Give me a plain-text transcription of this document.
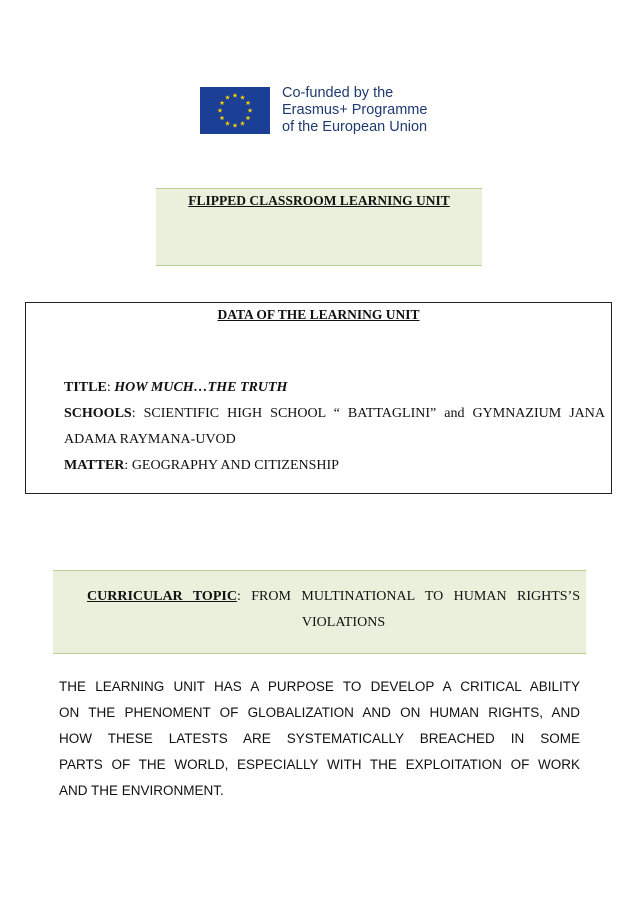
Co-funded by the
Erasmus+ Programme
of the European Union
FLIPPED CLASSROOM LEARNING UNIT
DATA OF THE LEARNING UNIT
TITLE: HOW MUCH…THE TRUTH
SCHOOLS: SCIENTIFIC HIGH SCHOOL “ BATTAGLINI” and GYMNAZIUM JANA
ADAMA RAYMANA-UVOD
MATTER: GEOGRAPHY AND CITIZENSHIP
CURRICULAR TOPIC: FROM MULTINATIONAL TO HUMAN RIGHTS’S
VIOLATIONS
THE LEARNING UNIT HAS A PURPOSE TO DEVELOP A CRITICAL ABILITY
ON THE PHENOMENT OF GLOBALIZATION AND ON HUMAN RIGHTS, AND
HOW THESE LATESTS ARE SYSTEMATICALLY BREACHED IN SOME
PARTS OF THE WORLD, ESPECIALLY WITH THE EXPLOITATION OF WORK
AND THE ENVIRONMENT.
